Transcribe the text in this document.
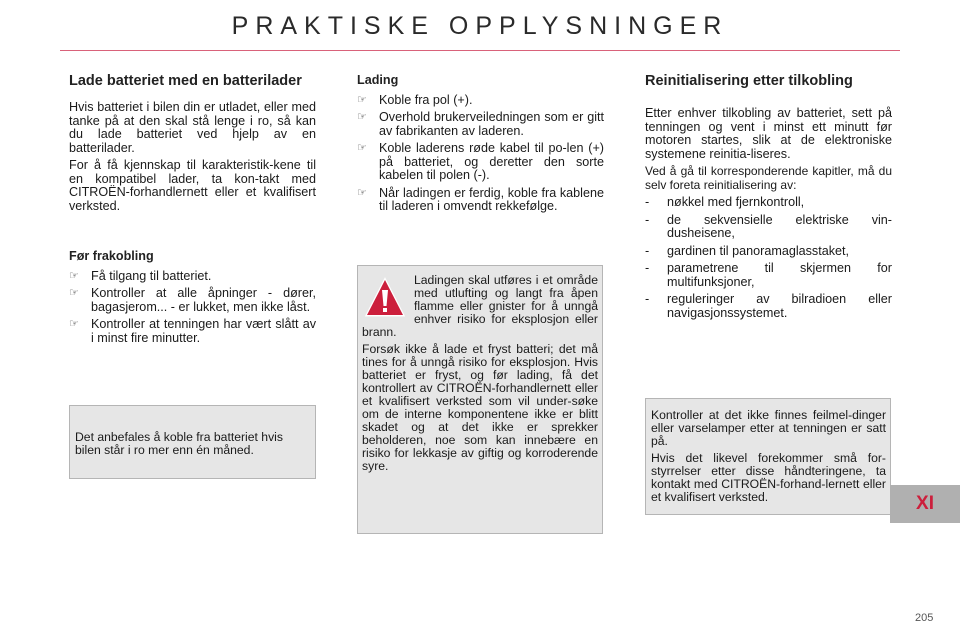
PRAKTISKE OPPLYSNINGER
Lade batteriet med en batterilader

Hvis batteriet i bilen din er utladet, eller med tanke på at den skal stå lenge i ro, så kan du lade batteriet ved hjelp av en batterilader.

For å få kjennskap til karakteristik-kene til en kompatibel lader, ta kon-takt med CITROËN-forhandlernett eller et kvalifisert verksted.

Før frakobling
☞ Få tilgang til batteriet.
☞ Kontroller at alle åpninger - dører, bagasjerom... - er lukket, men ikke låst.
☞ Kontroller at tenningen har vært slått av i minst fire minutter.

Det anbefales å koble fra batteriet hvis bilen står i ro mer enn én måned.

Lading
☞ Koble fra pol (+).
☞ Overhold brukerveiledningen som er gitt av fabrikanten av laderen.
☞ Koble laderens røde kabel til po-len (+) på batteriet, og deretter den sorte kabelen til polen (-).
☞ Når ladingen er ferdig, koble fra kablene til laderen i omvendt rekkefølge.

Ladingen skal utføres i et område med utlufting og langt fra åpen flamme eller gnister for å unngå enhver risiko for eksplosjon eller brann.

Forsøk ikke å lade et fryst batteri; det må tines for å unngå risiko for eksplosjon. Hvis batteriet er fryst, og før lading, få det kontrollert av CITROËN-forhandlernett eller et kvalifisert verksted som vil under-søke om de interne komponentene ikke er blitt skadet og at det ikke er sprekker beholderen, noe som kan innebære en risiko for lekkasje av giftig og korroderende syre.

Reinitialisering etter tilkobling

Etter enhver tilkobling av batteriet, sett på tenningen og vent i minst ett minutt før motoren startes, slik at de elektroniske systemene reinitia-liseres.

Ved å gå til korresponderende kapitler, må du selv foreta reinitialisering av:

- nøkkel med fjernkontroll,
- de sekvensielle elektriske vin-dusheisene,
- gardinen til panoramaglasstaket,
- parametrene til skjermen for multifunksjoner,
- reguleringer av bilradioen eller navigasjonssystemet.

Kontroller at det ikke finnes feilmel-dinger eller varselamper etter at tenningen er satt på.

Hvis det likevel forekommer små for-styrrelser etter disse håndteringene, ta kontakt med CITROËN-forhand-lernett eller et kvalifisert verksted.	XI
205
